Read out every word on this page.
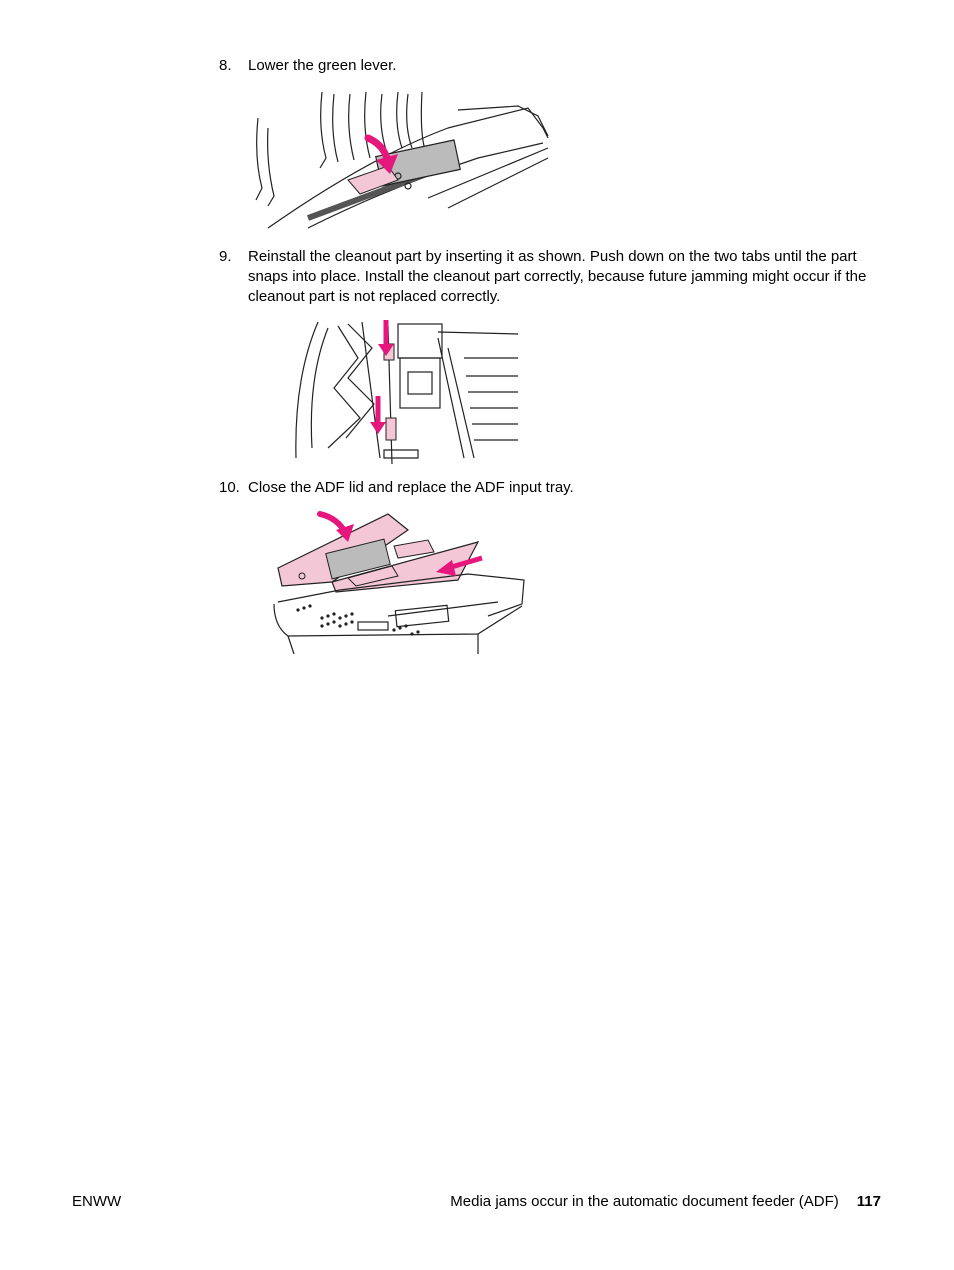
8. Lower the green lever.
9. Reinstall the cleanout part by inserting it as shown. Push down on the two tabs until the part snaps into place. Install the cleanout part correctly, because future jamming might occur if the cleanout part is not replaced correctly.
10. Close the ADF lid and replace the ADF input tray.
ENWW	Media jams occur in the automatic document feeder (ADF) 117
